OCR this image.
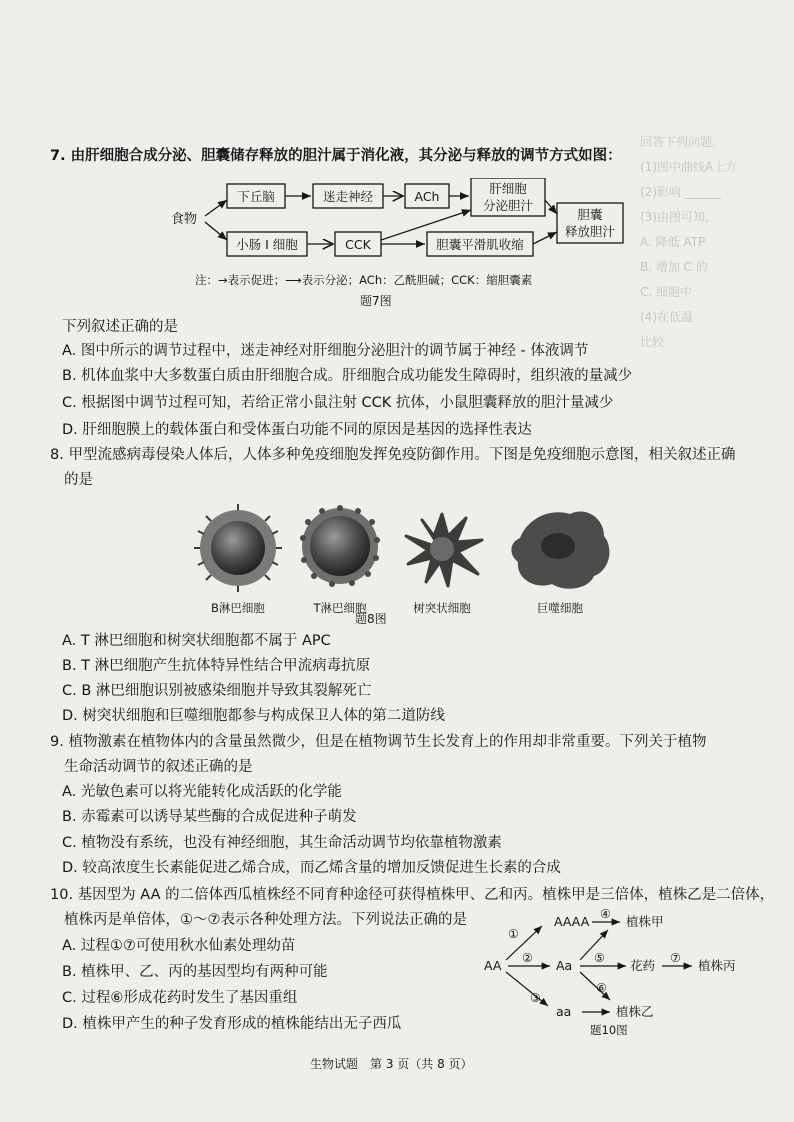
回答下列问题。
(1)图中曲线A上方
(2)影响 ______
(3)由图可知，
A. 降低 ATP
B. 增加 C 的
C. 细胞中
(4)在低温
比较
7. 由肝细胞合成分泌、胆囊储存释放的胆汁属于消化液，其分泌与释放的调节方式如图：
食物
下丘脑	迷走神经	ACh
肝细胞
分泌胆汁
胆囊
释放胆汁
小肠 I 细胞	CCK	胆囊平滑肌收缩
注：→表示促进；⟶表示分泌；ACh：乙酰胆碱；CCK：缩胆囊素
题7图
下列叙述正确的是
A. 图中所示的调节过程中，迷走神经对肝细胞分泌胆汁的调节属于神经 - 体液调节
B. 机体血浆中大多数蛋白质由肝细胞合成。肝细胞合成功能发生障碍时，组织液的量减少
C. 根据图中调节过程可知，若给正常小鼠注射 CCK 抗体，小鼠胆囊释放的胆汁量减少
D. 肝细胞膜上的载体蛋白和受体蛋白功能不同的原因是基因的选择性表达
8. 甲型流感病毒侵染人体后，人体多种免疫细胞发挥免疫防御作用。下图是免疫细胞示意图，相关叙述正确
的是
B淋巴细胞	T淋巴细胞	树突状细胞	巨噬细胞
题8图
A. T 淋巴细胞和树突状细胞都不属于 APC
B. T 淋巴细胞产生抗体特异性结合甲流病毒抗原
C. B 淋巴细胞识别被感染细胞并导致其裂解死亡
D. 树突状细胞和巨噬细胞都参与构成保卫人体的第二道防线
9. 植物激素在植物体内的含量虽然微少，但是在植物调节生长发育上的作用却非常重要。下列关于植物
生命活动调节的叙述正确的是
A. 光敏色素可以将光能转化成活跃的化学能
B. 赤霉素可以诱导某些酶的合成促进种子萌发
C. 植物没有系统，也没有神经细胞，其生命活动调节均依靠植物激素
D. 较高浓度生长素能促进乙烯合成，而乙烯含量的增加反馈促进生长素的合成
10. 基因型为 AA 的二倍体西瓜植株经不同育种途径可获得植株甲、乙和丙。植株甲是三倍体，植株乙是二倍体，
植株丙是单倍体，①～⑦表示各种处理方法。下列说法正确的是
A. 过程①⑦可使用秋水仙素处理幼苗
B. 植株甲、乙、丙的基因型均有两种可能
C. 过程⑥形成花药时发生了基因重组
D. 植株甲产生的种子发育形成的植株能结出无子西瓜
AA
AAAA
Aa
aa
植株甲
花药	植株丙
植株乙
①
②
③
④
⑤
⑥
⑦
题10图
生物试题　第 3 页（共 8 页）
